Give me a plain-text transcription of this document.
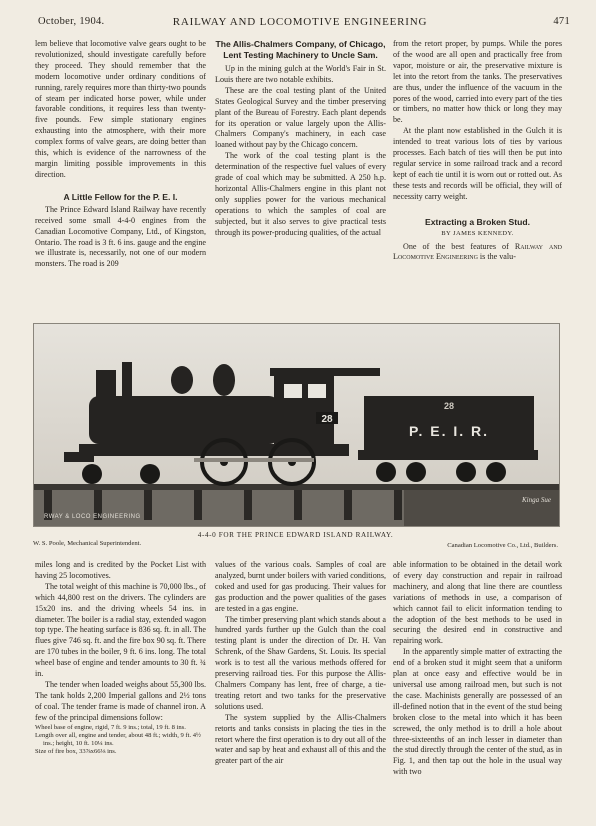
October, 1904.	RAILWAY AND LOCOMOTIVE ENGINEERING	471

lem believe that locomotive valve gears ought to be revolutionized, should investigate carefully before they proceed. They should remember that the modern locomotive under ordinary conditions of running, rarely requires more than thirty-two pounds of steam per indicated horse power, while under favorable conditions, it requires less than twenty-five pounds. Few simple stationary engines exhausting into the atmosphere, with their more complex forms of valve gears, are doing better than this, which is evidence of the narrowness of the margin limiting possible improvements in this direction.

A Little Fellow for the P. E. I.

The Prince Edward Island Railway have recently received some small 4-4-0 engines from the Canadian Locomotive Company, Ltd., of Kingston, Ontario. The road is 3 ft. 6 ins. gauge and the engine we illustrate is, necessarily, not one of our modern monsters. The road is 209

The Allis-Chalmers Company, of Chicago, Lent Testing Machinery to Uncle Sam.

Up in the mining gulch at the World's Fair in St. Louis there are two notable exhibits.

These are the coal testing plant of the United States Geological Survey and the timber preserving plant of the Bureau of Forestry. Each plant depends for its operation or value largely upon the Allis-Chalmers Company's machinery, in each case loaned without pay by the Chicago concern.

The work of the coal testing plant is the determination of the respective fuel values of every grade of coal which may be submitted. A 250 h.p. horizontal Allis-Chalmers engine in this plant not only supplies power for the various mechanical operations to which the samples of coal are subjected, but it also serves to give practical tests through its power-producing qualities, of the actual

from the retort proper, by pumps. While the pores of the wood are all open and practically free from vapor, moisture or air, the preservative mixture is let into the retort from the tanks. The preservatives are thus, under the influence of the vacuum in the pores of the wood, carried into every part of the ties or timbers, no matter how thick or long they may be.

At the plant now established in the Gulch it is intended to treat various lots of ties by various processes. Each batch of ties will then be put into regular service in some railroad track and a record kept of each tie until it is worn out or rotted out. As these tests and records will be official, they will of necessity carry weight.

Extracting a Broken Stud.
BY JAMES KENNEDY.

One of the best features of Railway and Locomotive Engineering is the valu-

28
28
P. E. I. R.
RWAY & LOCO ENGINEERING
Kinga Sue
4-4-0 FOR THE PRINCE EDWARD ISLAND RAILWAY.
W. S. Poole, Mechanical Superintendent.	Canadian Locomotive Co., Ltd., Builders.

miles long and is credited by the Pocket List with having 25 locomotives.

The total weight of this machine is 70,000 lbs., of which 44,800 rest on the drivers. The cylinders are 15x20 ins. and the driving wheels 54 ins. in diameter. The boiler is a radial stay, extended wagon top type. The heating surface is 836 sq. ft. in all. The flues give 746 sq. ft. and the fire box 90 sq. ft. There are 170 tubes in the boiler, 9 ft. 6 ins. long. The total wheel base of engine and tender amounts to 30 ft. ¾ in.

The tender when loaded weighs about 55,300 lbs. The tank holds 2,200 Imperial gallons and 2½ tons of coal. The tender frame is made of channel iron. A few of the principal dimensions follow:

Wheel base of engine, rigid, 7 ft. 9 ins.; total, 19 ft. 8 ins.
Length over all, engine and tender, about 48 ft.; width, 9 ft. 4½ ins.; height, 10 ft. 10¼ ins.
Size of fire box, 33⅞x66⅛ ins.

values of the various coals. Samples of coal are analyzed, burnt under boilers with varied conditions, coked and used for gas producing. Their values for gas production and the power qualities of the gases are tested in a gas engine.

The timber preserving plant which stands about a hundred yards further up the Gulch than the coal testing plant is under the direction of Dr. H. Van Schrenk, of the Shaw Gardens, St. Louis. Its special work is to test all the various methods offered for preserving railroad ties. For this purpose the Allis-Chalmers Company has lent, free of charge, a tie-treating retort and two tanks for the preservative solutions used.

The system supplied by the Allis-Chalmers retorts and tanks consists in placing the ties in the retort where the first operation is to dry out all of the water and sap by heat and exhaust all of this and the greater part of the air

able information to be obtained in the detail work of every day construction and repair in railroad machinery, and along that line there are countless variations of methods in use, a comparison of which cannot fail to elicit information tending to the adoption of the best methods to be used in securing the desired end in constructive and repairing work.

In the apparently simple matter of extracting the end of a broken stud it might seem that a uniform plan at once easy and effective would be in universal use among railroad men, but such is not the case. Machinists generally are possessed of an ill-defined notion that in the event of the stud being broken close to the metal into which it has been screwed, the only method is to drill a hole about three-sixteenths of an inch lesser in diameter than the stud directly through the center of the stud, as in Fig. 1, and then tap out the hole in the usual way with two
